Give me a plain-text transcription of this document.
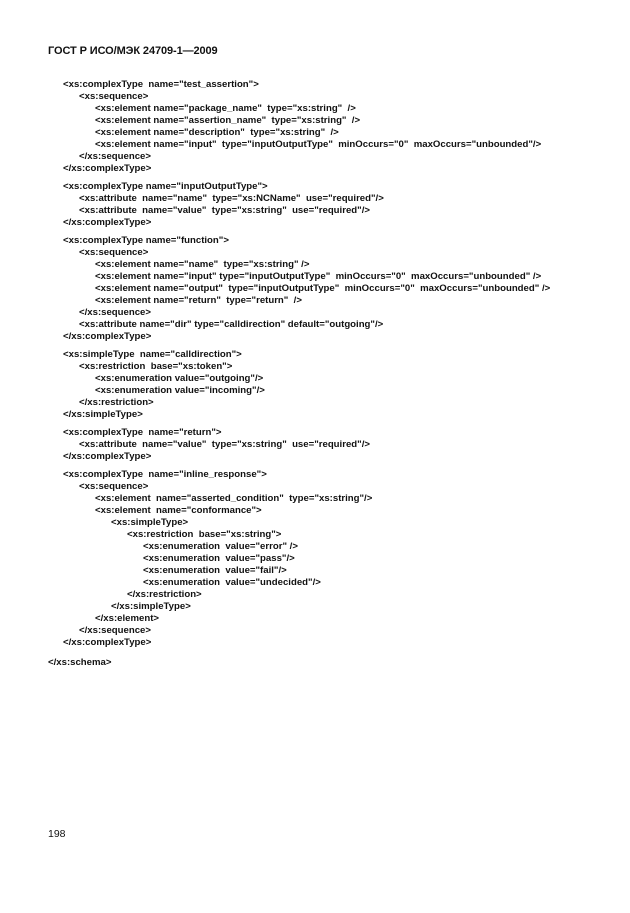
ГОСТ Р ИСО/МЭК 24709-1—2009
<xs:complexType  name="test_assertion">
<xs:sequence>
<xs:element name="package_name"  type="xs:string"  />
<xs:element name="assertion_name"  type="xs:string"  />
<xs:element name="description"  type="xs:string"  />
<xs:element name="input"  type="inputOutputType"  minOccurs="0"  maxOccurs="unbounded"/>
</xs:sequence>
</xs:complexType>
<xs:complexType name="inputOutputType">
<xs:attribute  name="name"  type="xs:NCName"  use="required"/>
<xs:attribute  name="value"  type="xs:string"  use="required"/>
</xs:complexType>
<xs:complexType name="function">
<xs:sequence>
<xs:element name="name"  type="xs:string" />
<xs:element name="input" type="inputOutputType"  minOccurs="0"  maxOccurs="unbounded" />
<xs:element name="output"  type="inputOutputType"  minOccurs="0"  maxOccurs="unbounded" />
<xs:element name="return"  type="return"  />
</xs:sequence>
<xs:attribute name="dir" type="calldirection" default="outgoing"/>
</xs:complexType>
<xs:simpleType  name="calldirection">
<xs:restriction  base="xs:token">
<xs:enumeration value="outgoing"/>
<xs:enumeration value="incoming"/>
</xs:restriction>
</xs:simpleType>
<xs:complexType  name="return">
<xs:attribute  name="value"  type="xs:string"  use="required"/>
</xs:complexType>
<xs:complexType  name="inline_response">
<xs:sequence>
<xs:element  name="asserted_condition"  type="xs:string"/>
<xs:element  name="conformance">
<xs:simpleType>
<xs:restriction  base="xs:string">
<xs:enumeration  value="error" />
<xs:enumeration  value="pass"/>
<xs:enumeration  value="fail"/>
<xs:enumeration  value="undecided"/>
</xs:restriction>
</xs:simpleType>
</xs:element>
</xs:sequence>
</xs:complexType>
</xs:schema>
198
